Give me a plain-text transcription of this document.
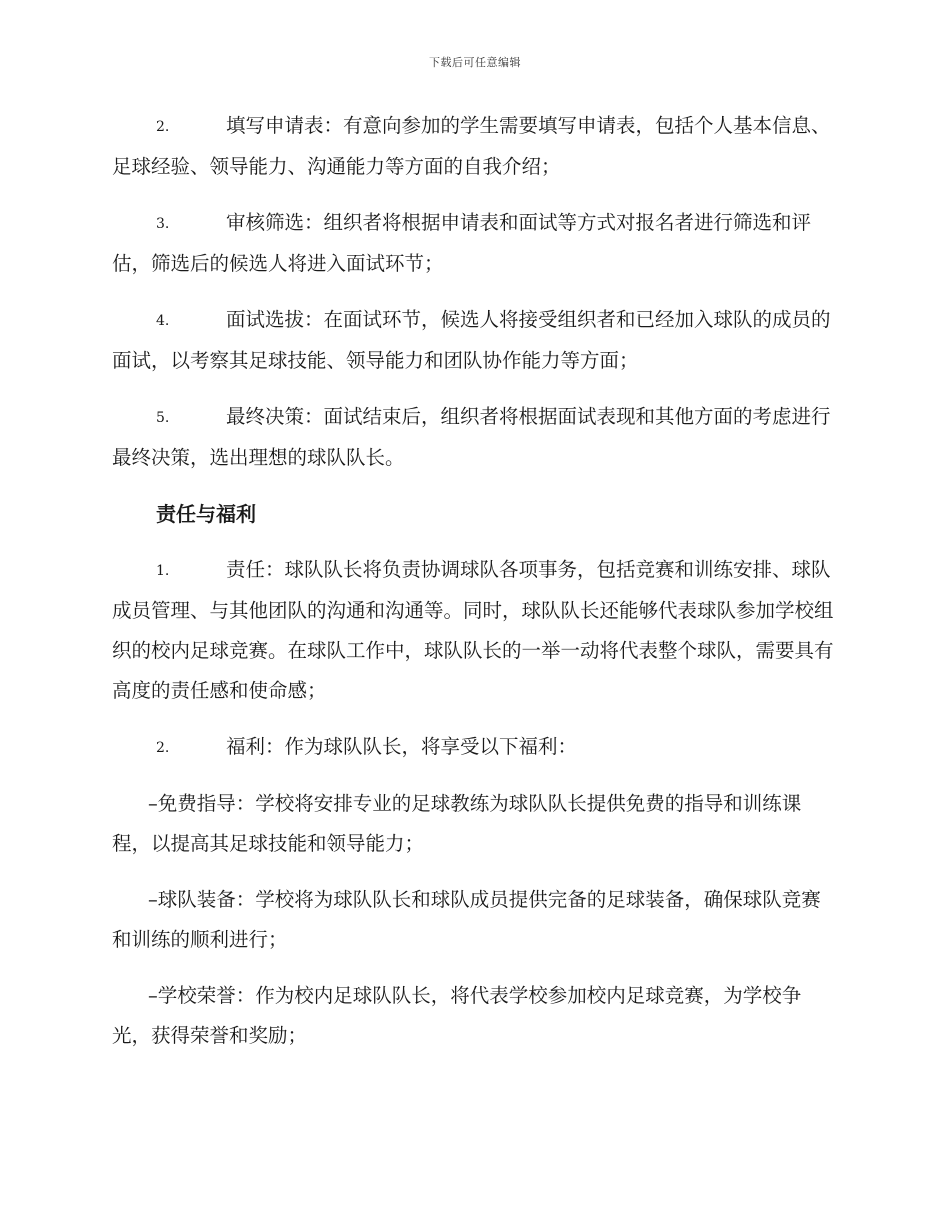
下载后可任意编辑

2.	填写申请表：有意向参加的学生需要填写申请表，包括个人基本信息、足球经验、领导能力、沟通能力等方面的自我介绍；

3.	审核筛选：组织者将根据申请表和面试等方式对报名者进行筛选和评估，筛选后的候选人将进入面试环节；

4.	面试选拔：在面试环节，候选人将接受组织者和已经加入球队的成员的面试，以考察其足球技能、领导能力和团队协作能力等方面；

5.	最终决策：面试结束后，组织者将根据面试表现和其他方面的考虑进行最终决策，选出理想的球队队长。

责任与福利

1.	责任：球队队长将负责协调球队各项事务，包括竞赛和训练安排、球队成员管理、与其他团队的沟通和沟通等。同时，球队队长还能够代表球队参加学校组织的校内足球竞赛。在球队工作中，球队队长的一举一动将代表整个球队，需要具有高度的责任感和使命感；

2.	福利：作为球队队长，将享受以下福利：

–免费指导：学校将安排专业的足球教练为球队队长提供免费的指导和训练课程，以提高其足球技能和领导能力；

–球队装备：学校将为球队队长和球队成员提供完备的足球装备，确保球队竞赛和训练的顺利进行；

–学校荣誉：作为校内足球队队长，将代表学校参加校内足球竞赛，为学校争光，获得荣誉和奖励；
